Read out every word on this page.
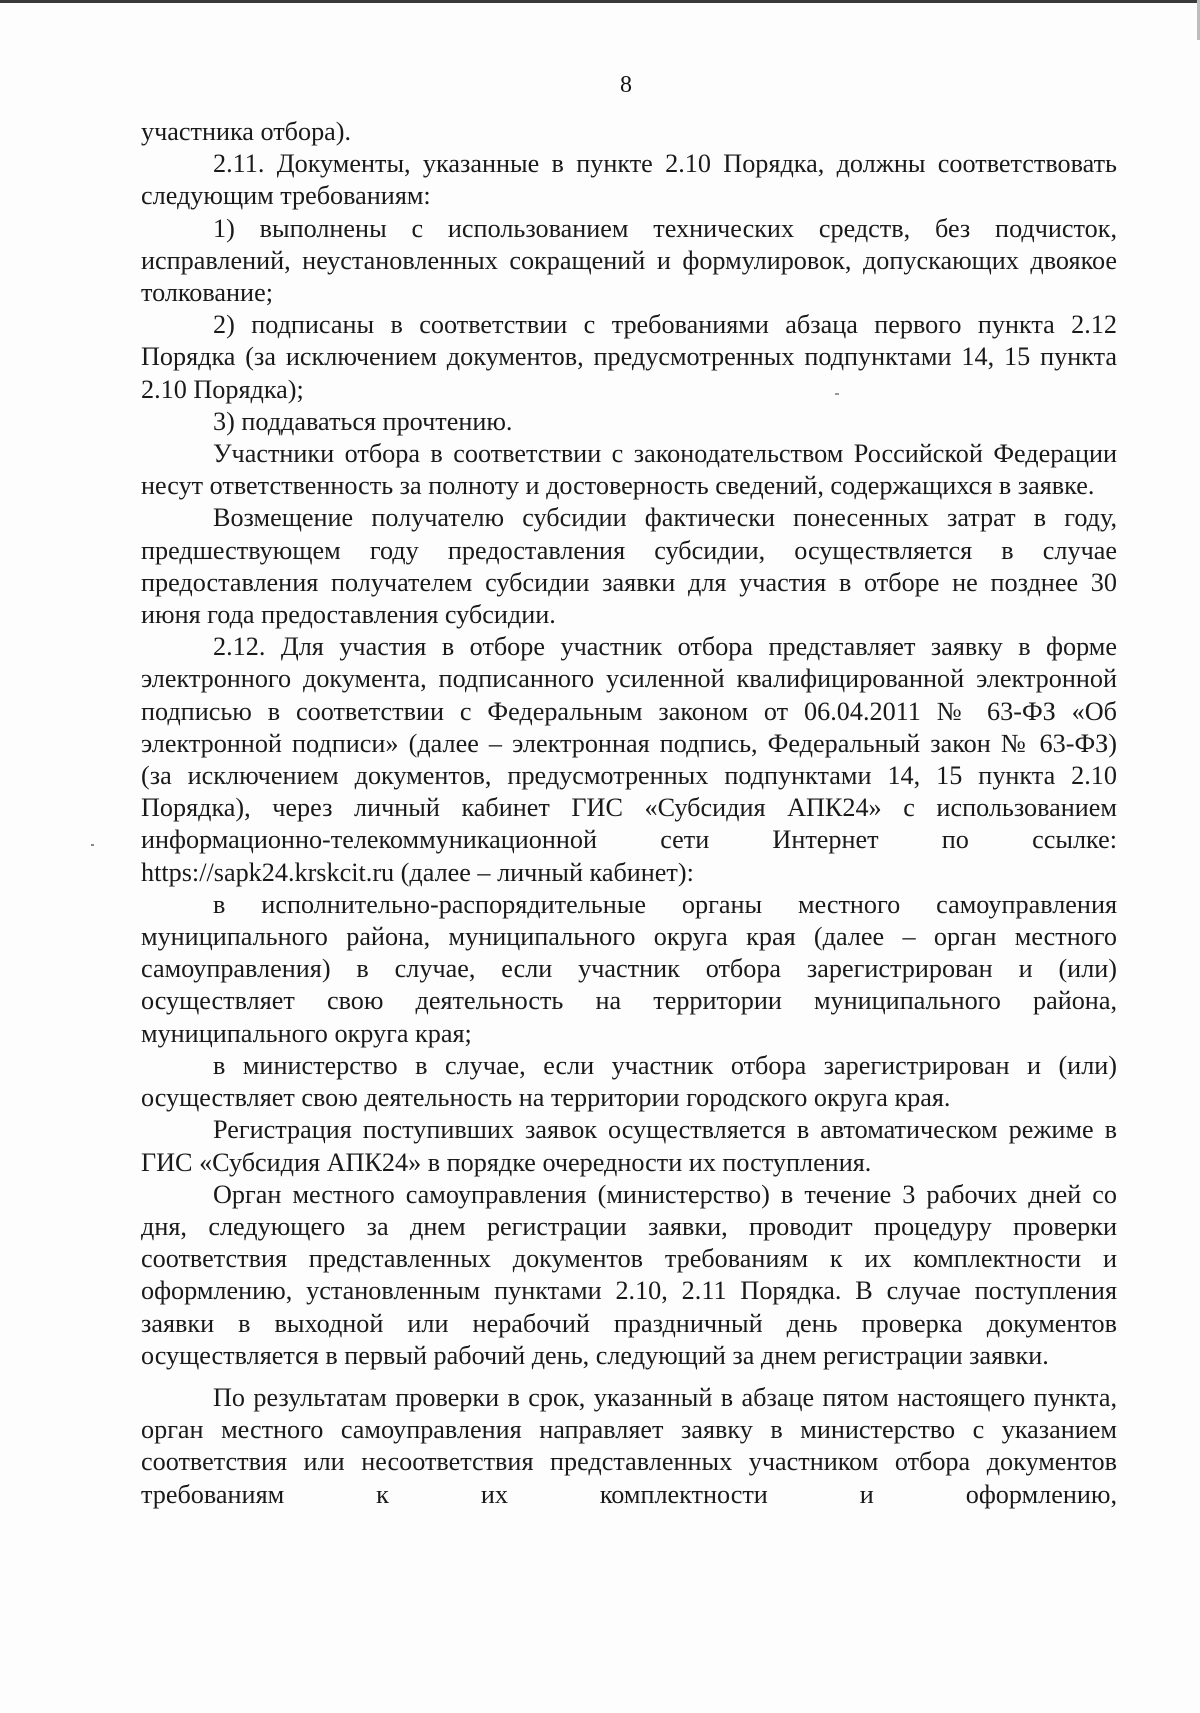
8

участника отбора).

2.11. Документы, указанные в пункте 2.10 Порядка, должны соответствовать следующим требованиям:

1) выполнены с использованием технических средств, без подчисток, исправлений, неустановленных сокращений и формулировок, допускающих двоякое толкование;

2) подписаны в соответствии с требованиями абзаца первого пункта 2.12 Порядка (за исключением документов, предусмотренных подпунктами 14, 15 пункта 2.10 Порядка);

3) поддаваться прочтению.

Участники отбора в соответствии с законодательством Российской Федерации несут ответственность за полноту и достоверность сведений, содержащихся в заявке.

Возмещение получателю субсидии фактически понесенных затрат в году, предшествующем году предоставления субсидии, осуществляется в случае предоставления получателем субсидии заявки для участия в отборе не позднее 30 июня года предоставления субсидии.

2.12. Для участия в отборе участник отбора представляет заявку в форме электронного документа, подписанного усиленной квалифицированной электронной подписью в соответствии с Федеральным законом от 06.04.2011 № 63-ФЗ «Об электронной подписи» (далее – электронная подпись, Федеральный закон № 63-ФЗ) (за исключением документов, предусмотренных подпунктами 14, 15 пункта 2.10 Порядка), через личный кабинет ГИС «Субсидия АПК24» с использованием информационно-телекоммуникационной сети Интернет по ссылке: https://sapk24.krskcit.ru (далее – личный кабинет):

в исполнительно-распорядительные органы местного самоуправления муниципального района, муниципального округа края (далее – орган местного самоуправления) в случае, если участник отбора зарегистрирован и (или) осуществляет свою деятельность на территории муниципального района, муниципального округа края;

в министерство в случае, если участник отбора зарегистрирован и (или) осуществляет свою деятельность на территории городского округа края.

Регистрация поступивших заявок осуществляется в автоматическом режиме в ГИС «Субсидия АПК24» в порядке очередности их поступления.

Орган местного самоуправления (министерство) в течение 3 рабочих дней со дня, следующего за днем регистрации заявки, проводит процедуру проверки соответствия представленных документов требованиям к их комплектности и оформлению, установленным пунктами 2.10, 2.11 Порядка. В случае поступления заявки в выходной или нерабочий праздничный день проверка документов осуществляется в первый рабочий день, следующий за днем регистрации заявки.

По результатам проверки в срок, указанный в абзаце пятом настоящего пункта, орган местного самоуправления направляет заявку в министерство с указанием соответствия или несоответствия представленных участником отбора документов требованиям к их комплектности и оформлению,
